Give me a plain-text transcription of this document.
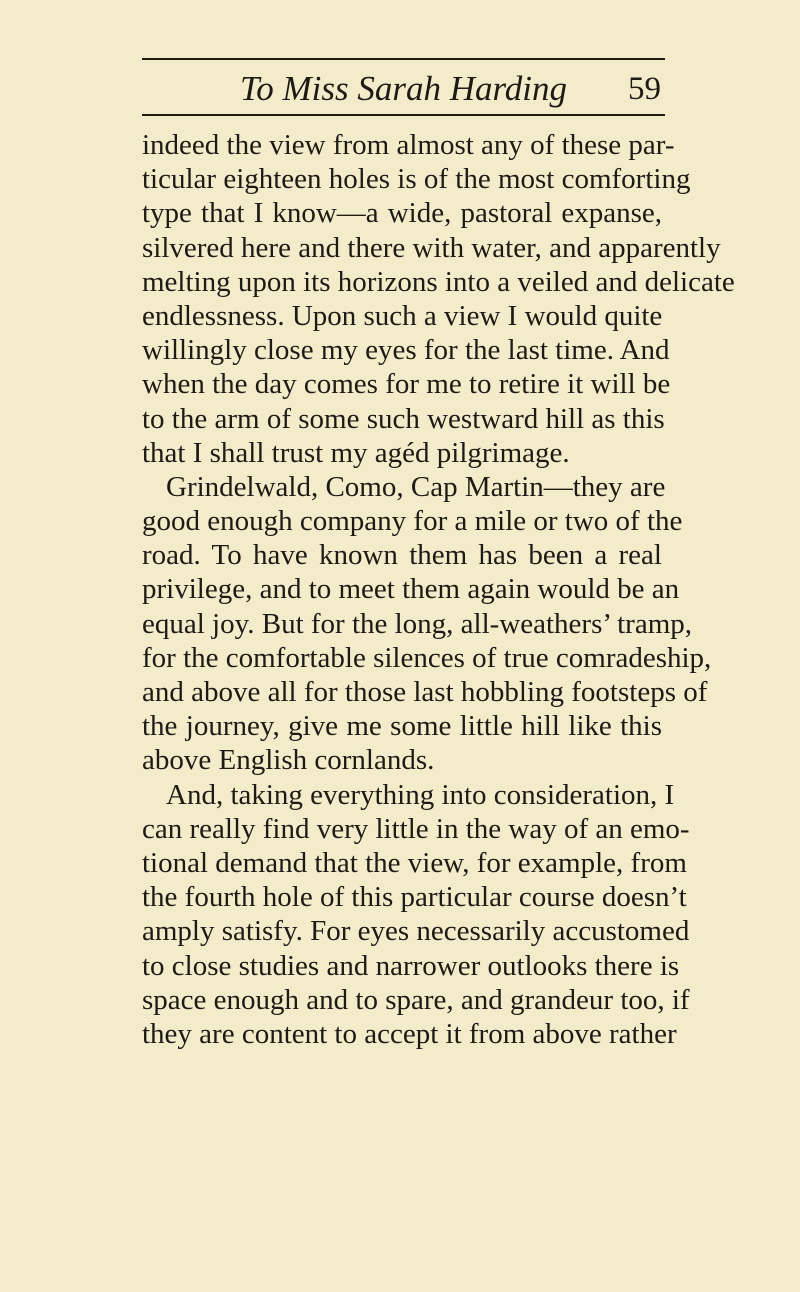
To Miss Sarah Harding	59
indeed the view from almost any of these par-
ticular eighteen holes is of the most comforting
type that I know—a wide, pastoral expanse,
silvered here and there with water, and apparently
melting upon its horizons into a veiled and delicate
endlessness. Upon such a view I would quite
willingly close my eyes for the last time. And
when the day comes for me to retire it will be
to the arm of some such westward hill as this
that I shall trust my agéd pilgrimage.
Grindelwald, Como, Cap Martin—they are
good enough company for a mile or two of the
road. To have known them has been a real
privilege, and to meet them again would be an
equal joy. But for the long, all-weathers’ tramp,
for the comfortable silences of true comradeship,
and above all for those last hobbling footsteps of
the journey, give me some little hill like this
above English cornlands.
And, taking everything into consideration, I
can really find very little in the way of an emo-
tional demand that the view, for example, from
the fourth hole of this particular course doesn’t
amply satisfy. For eyes necessarily accustomed
to close studies and narrower outlooks there is
space enough and to spare, and grandeur too, if
they are content to accept it from above rather
